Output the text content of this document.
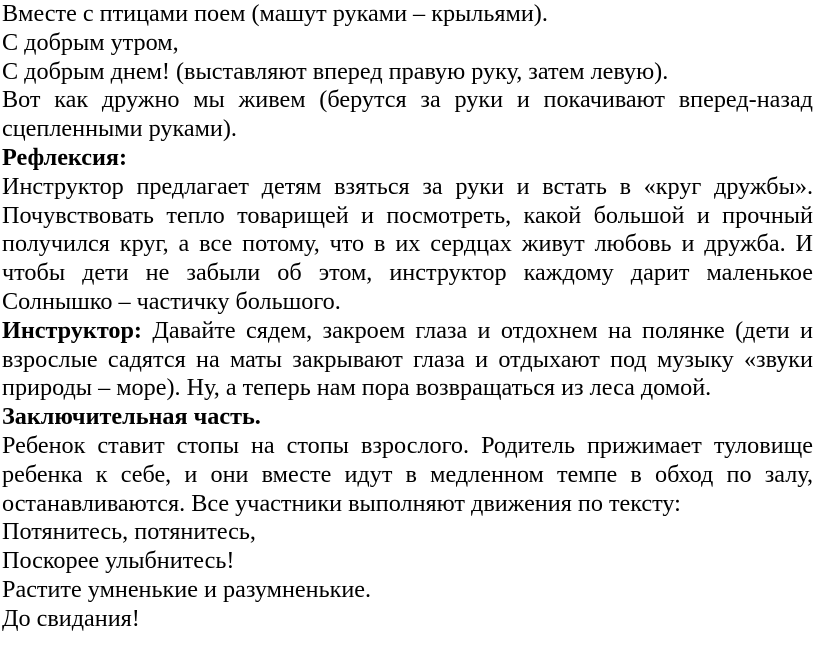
Вместе с птицами поем (машут руками – крыльями).

С добрым утром,

С добрым днем! (выставляют вперед правую руку, затем левую).

Вот как дружно мы живем (берутся за руки и покачивают вперед-назад сцепленными руками).

Рефлексия:

Инструктор предлагает детям взяться за руки и встать в «круг дружбы». Почувствовать тепло товарищей и посмотреть, какой большой и прочный получился круг, а все потому, что в их сердцах живут любовь и дружба. И чтобы дети не забыли об этом, инструктор каждому дарит маленькое Солнышко – частичку большого.

Инструктор: Давайте сядем, закроем глаза и отдохнем на полянке (дети и взрослые садятся на маты закрывают глаза и отдыхают под музыку «звуки природы – море). Ну, а теперь нам пора возвращаться из леса домой.

Заключительная часть.

Ребенок ставит стопы на стопы взрослого. Родитель прижимает туловище ребенка к себе, и они вместе идут в медленном темпе в обход по залу, останавливаются. Все участники выполняют движения по тексту:

Потянитесь, потянитесь,

Поскорее улыбнитесь!

Растите умненькие и разумненькие.

До свидания!
